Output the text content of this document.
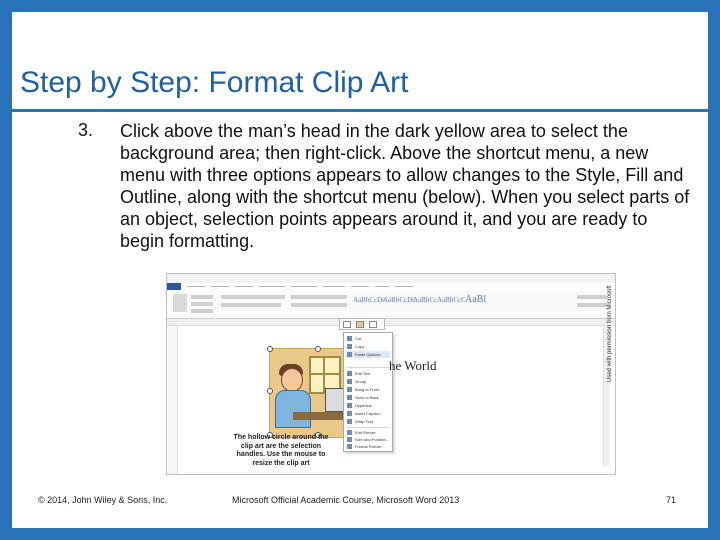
Step by Step: Format Clip Art
3. Click above the man’s head in the dark yellow area to select the background area; then right-click. Above the shortcut menu, a new menu with three options appears to allow changes to the Style, Fill and Outline, along with the shortcut menu (below). When you select parts of an object, selection points appears around it, and you are ready to begin formatting.
AaBbCcDc
AaBbCcDc
AaBbCc AaBbCcC AaBl
Cut
Copy
Paste Options:
Edit Text
Group
Bring to Front
Send to Back
Hyperlink...
Insert Caption...
Wrap Text
Edit Picture
Size and Position...
Format Picture...
he World
The hollow circle around the clip art are the selection handles. Use the mouse to resize the clip art
Used with permission from Microsoft
© 2014, John Wiley & Sons, Inc.	Microsoft Official Academic Course, Microsoft Word 2013	71
